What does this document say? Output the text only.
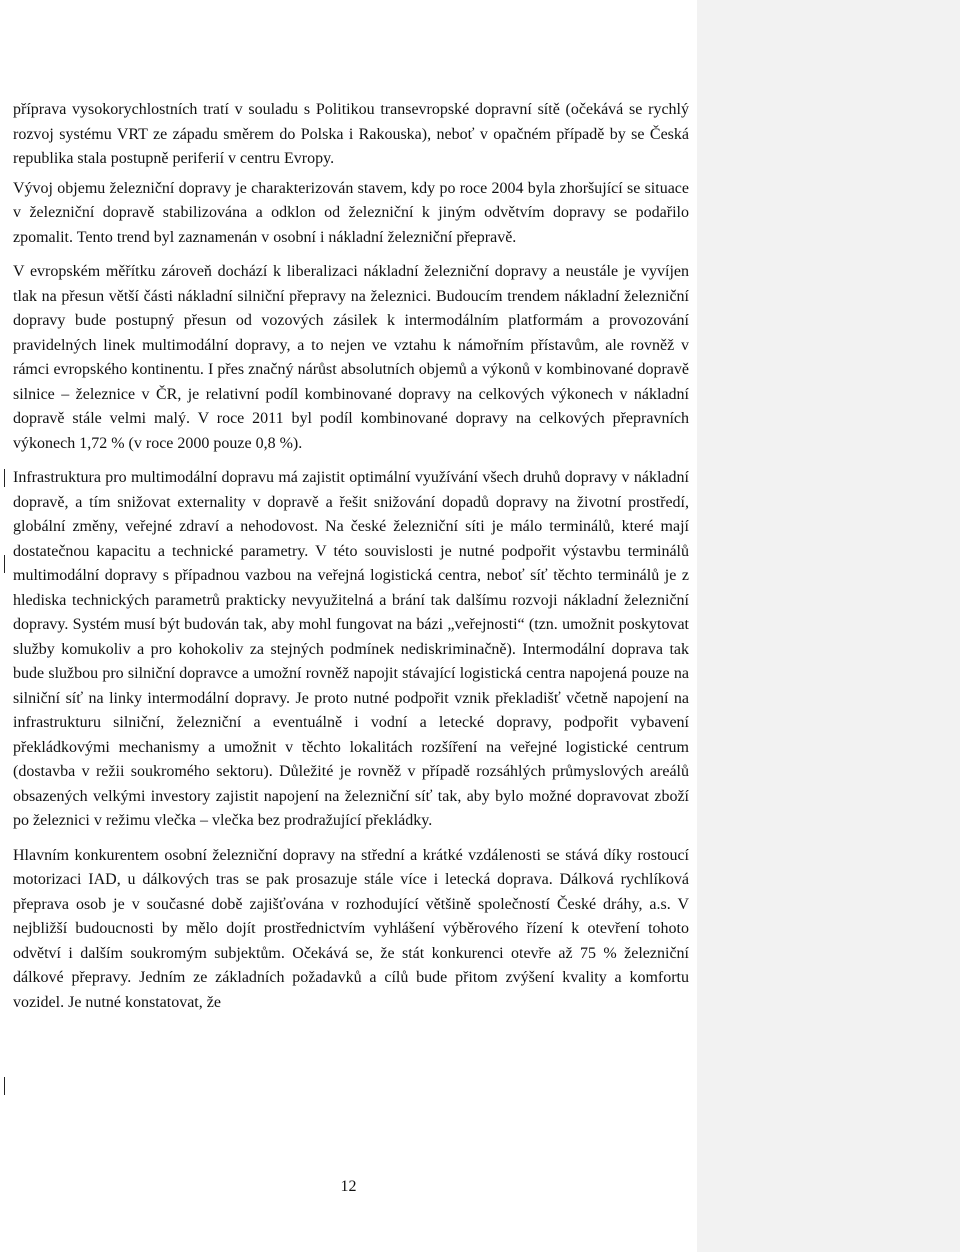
příprava vysokorychlostních tratí v souladu s Politikou transevropské dopravní sítě (očekává se rychlý rozvoj systému VRT ze západu směrem do Polska i Rakouska), neboť v opačném případě by se Česká republika stala postupně periferií v centru Evropy.

Vývoj objemu železniční dopravy je charakterizován stavem, kdy po roce 2004 byla zhoršující se situace v železniční dopravě stabilizována a odklon od železniční k jiným odvětvím dopravy se podařilo zpomalit. Tento trend byl zaznamenán v osobní i nákladní železniční přepravě.

V evropském měřítku zároveň dochází k liberalizaci nákladní železniční dopravy a neustále je vyvíjen tlak na přesun větší části nákladní silniční přepravy na železnici. Budoucím trendem nákladní železniční dopravy bude postupný přesun od vozových zásilek k intermodálním platformám a provozování pravidelných linek multimodální dopravy, a to nejen ve vztahu k námořním přístavům, ale rovněž v rámci evropského kontinentu. I přes značný nárůst absolutních objemů a výkonů v kombinované dopravě silnice – železnice v ČR, je relativní podíl kombinované dopravy na celkových výkonech v nákladní dopravě stále velmi malý. V roce 2011 byl podíl kombinované dopravy na celkových přepravních výkonech 1,72 % (v roce 2000 pouze 0,8 %).

Infrastruktura pro multimodální dopravu má zajistit optimální využívání všech druhů dopravy v nákladní dopravě, a tím snižovat externality v dopravě a řešit snižování dopadů dopravy na životní prostředí, globální změny, veřejné zdraví a nehodovost. Na české železniční síti je málo terminálů, které mají dostatečnou kapacitu a technické parametry. V této souvislosti je nutné podpořit výstavbu terminálů multimodální dopravy s případnou vazbou na veřejná logistická centra, neboť síť těchto terminálů je z hlediska technických parametrů prakticky nevyužitelná a brání tak dalšímu rozvoji nákladní železniční dopravy. Systém musí být budován tak, aby mohl fungovat na bázi „veřejnosti“ (tzn. umožnit poskytovat služby komukoliv a pro kohokoliv za stejných podmínek nediskriminačně). Intermodální doprava tak bude službou pro silniční dopravce a umožní rovněž napojit stávající logistická centra napojená pouze na silniční síť na linky intermodální dopravy. Je proto nutné podpořit vznik překladišť včetně napojení na infrastrukturu silniční, železniční a eventuálně i vodní a letecké dopravy, podpořit vybavení překládkovými mechanismy a umožnit v těchto lokalitách rozšíření na veřejné logistické centrum (dostavba v režii soukromého sektoru). Důležité je rovněž v případě rozsáhlých průmyslových areálů obsazených velkými investory zajistit napojení na železniční síť tak, aby bylo možné dopravovat zboží po železnici v režimu vlečka – vlečka bez prodražující překládky.

Hlavním konkurentem osobní železniční dopravy na střední a krátké vzdálenosti se stává díky rostoucí motorizaci IAD, u dálkových tras se pak prosazuje stále více i letecká doprava. Dálková rychlíková přeprava osob je v současné době zajišťována v rozhodující většině společností České dráhy, a.s. V nejbližší budoucnosti by mělo dojít prostřednictvím vyhlášení výběrového řízení k otevření tohoto odvětví i dalším soukromým subjektům. Očekává se, že stát konkurenci otevře až 75 % železniční dálkové přepravy. Jedním ze základních požadavků a cílů bude přitom zvýšení kvality a komfortu vozidel. Je nutné konstatovat, že

12
